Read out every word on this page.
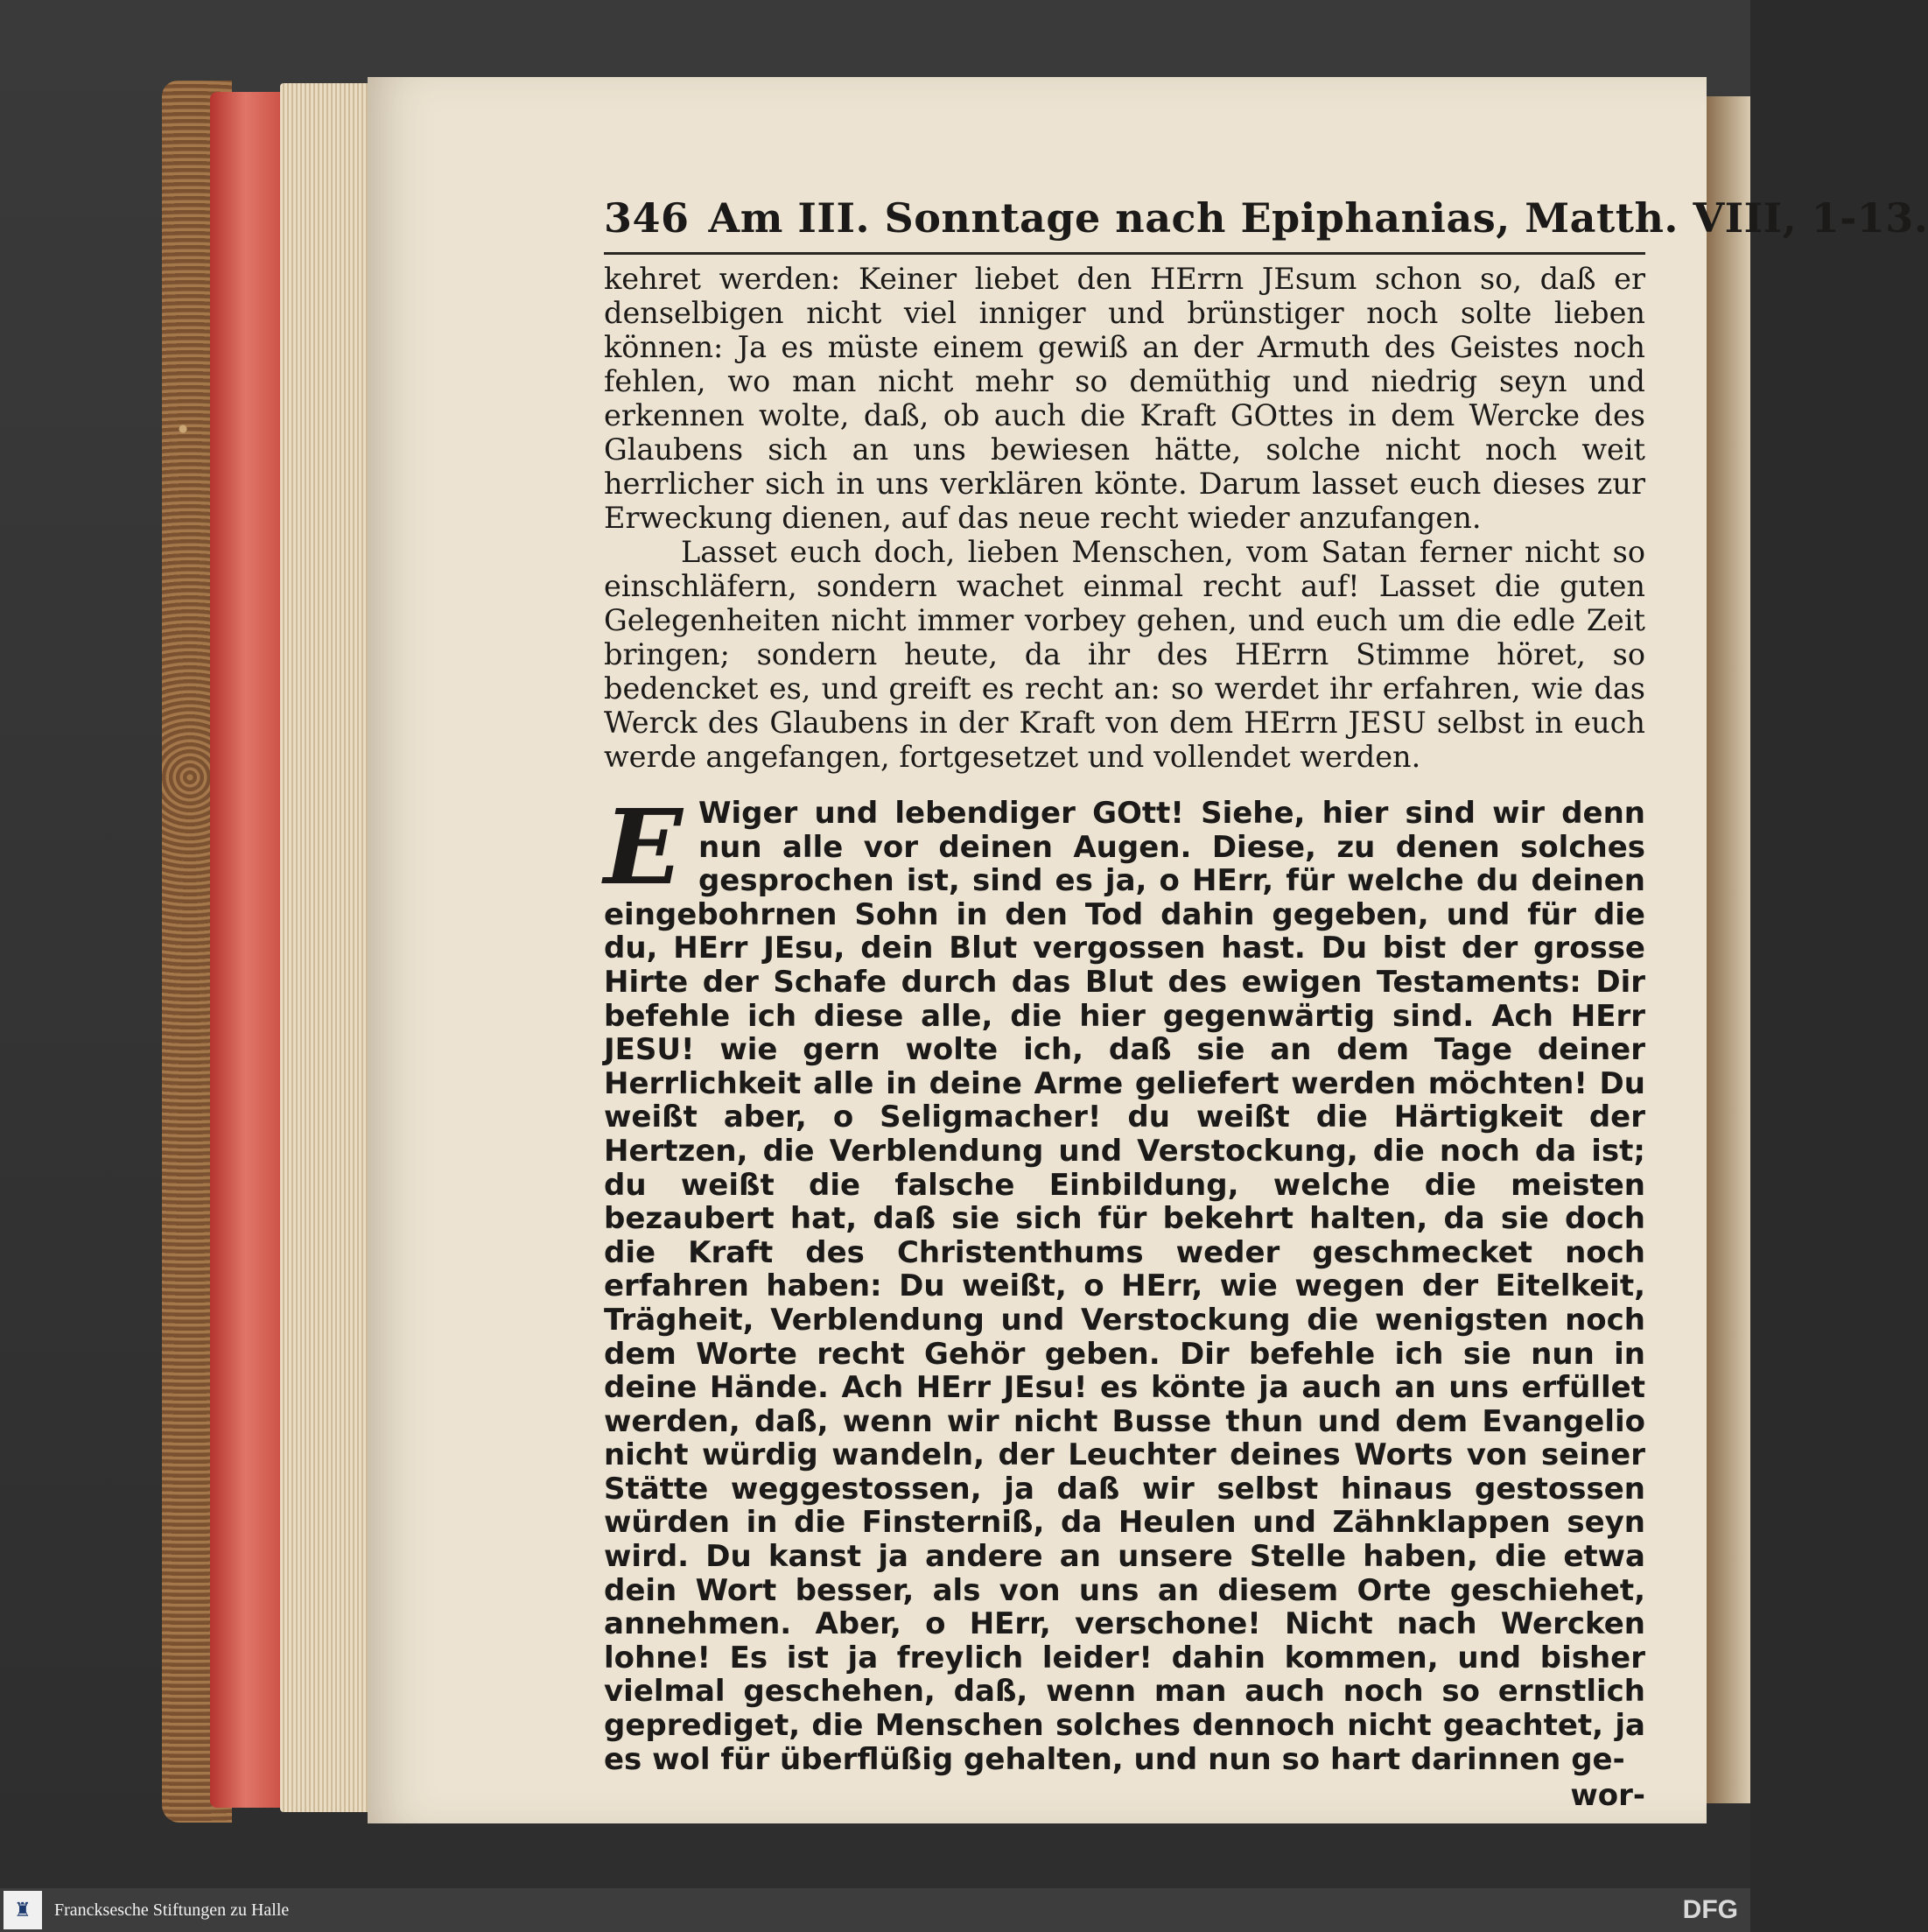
346 Am III. Sonntage nach Epiphanias, Matth. VIII, 1-13.

kehret werden: Keiner liebet den HErrn JEsum schon so, daß er denselbigen nicht viel inniger und brünstiger noch solte lieben können: Ja es müste einem gewiß an der Armuth des Geistes noch fehlen, wo man nicht mehr so demüthig und niedrig seyn und erkennen wolte, daß, ob auch die Kraft GOttes in dem Wercke des Glaubens sich an uns bewiesen hätte, solche nicht noch weit herrlicher sich in uns verklären könte. Darum lasset euch dieses zur Erweckung dienen, auf das neue recht wieder anzufangen.

Lasset euch doch, lieben Menschen, vom Satan ferner nicht so einschläfern, sondern wachet einmal recht auf! Lasset die guten Gelegenheiten nicht immer vorbey gehen, und euch um die edle Zeit bringen; sondern heute, da ihr des HErrn Stimme höret, so bedencket es, und greift es recht an: so werdet ihr erfahren, wie das Werck des Glaubens in der Kraft von dem HErrn JESU selbst in euch werde angefangen, fortgesetzet und vollendet werden.

E Wiger und lebendiger GOtt! Siehe, hier sind wir denn nun alle vor deinen Augen. Diese, zu denen solches gesprochen ist, sind es ja, o HErr, für welche du deinen eingebohrnen Sohn in den Tod dahin gegeben, und für die du, HErr JEsu, dein Blut vergossen hast. Du bist der grosse Hirte der Schafe durch das Blut des ewigen Testaments: Dir befehle ich diese alle, die hier gegenwärtig sind. Ach HErr JESU! wie gern wolte ich, daß sie an dem Tage deiner Herrlichkeit alle in deine Arme geliefert werden möchten! Du weißt aber, o Seligmacher! du weißt die Härtigkeit der Hertzen, die Verblendung und Verstockung, die noch da ist; du weißt die falsche Einbildung, welche die meisten bezaubert hat, daß sie sich für bekehrt halten, da sie doch die Kraft des Christenthums weder geschmecket noch erfahren haben: Du weißt, o HErr, wie wegen der Eitelkeit, Trägheit, Verblendung und Verstockung die wenigsten noch dem Worte recht Gehör geben. Dir befehle ich sie nun in deine Hände. Ach HErr JEsu! es könte ja auch an uns erfüllet werden, daß, wenn wir nicht Busse thun und dem Evangelio nicht würdig wandeln, der Leuchter deines Worts von seiner Stätte weggestossen, ja daß wir selbst hinaus gestossen würden in die Finsterniß, da Heulen und Zähnklappen seyn wird. Du kanst ja andere an unsere Stelle haben, die etwa dein Wort besser, als von uns an diesem Orte geschiehet, annehmen. Aber, o HErr, verschone! Nicht nach Wercken lohne! Es ist ja freylich leider! dahin kommen, und bisher vielmal geschehen, daß, wenn man auch noch so ernstlich geprediget, die Menschen solches dennoch nicht geachtet, ja es wol für überflüßig gehalten, und nun so hart darinnen ge-
wor-
♜	Francksesche Stiftungen zu Halle	DFG
